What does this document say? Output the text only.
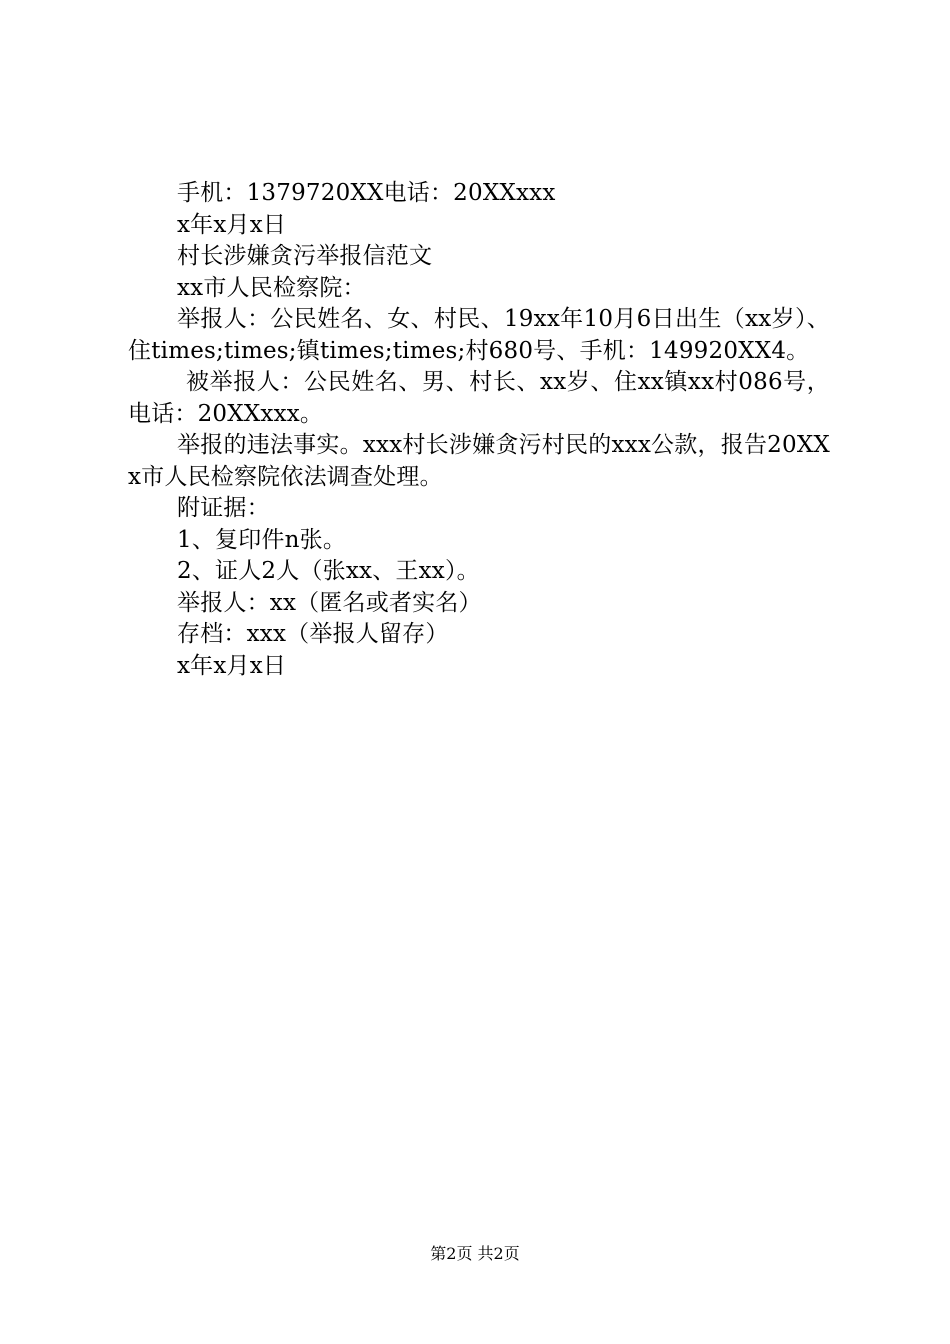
手机：1379720XX电话：20XXxxx
x年x月x日
村长涉嫌贪污举报信范文
xx市人民检察院：
举报人：公民姓名、女、村民、19xx年10月6日出生（xx岁）、住times;times;镇times;times;村680号、手机：149920XX4。
被举报人：公民姓名、男、村长、xx岁、住xx镇xx村086号，电话：20XXxxx。
举报的违法事实。xxx村长涉嫌贪污村民的xxx公款，报告20XXx市人民检察院依法调查处理。
附证据：
1、复印件n张。
2、证人2人（张xx、王xx）。
举报人：xx（匿名或者实名）
存档：xxx（举报人留存）
x年x月x日
第2页 共2页
